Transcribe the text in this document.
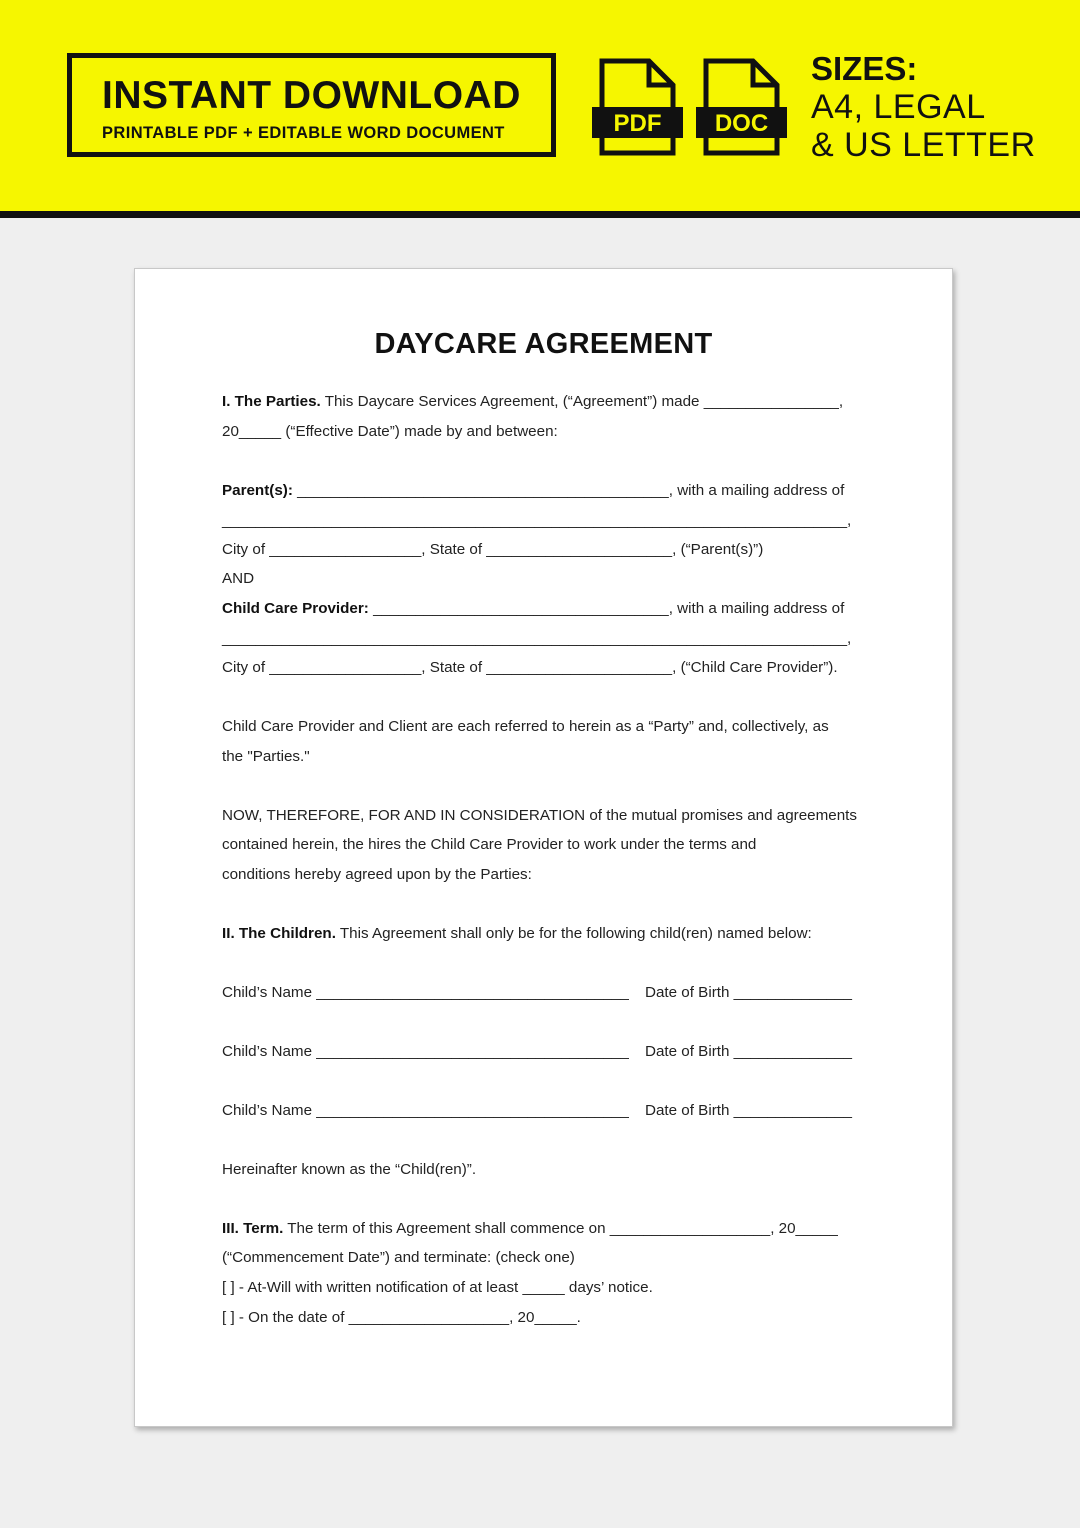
INSTANT DOWNLOAD
PRINTABLE PDF + EDITABLE WORD DOCUMENT	PDF DOC
SIZES:
A4, LEGAL
& US LETTER
DAYCARE AGREEMENT
I. The Parties. This Daycare Services Agreement, (“Agreement”) made ________________,
20_____ (“Effective Date”) made by and between:
Parent(s): ____________________________________________, with a mailing address of
__________________________________________________________________________,
City of __________________, State of ______________________, (“Parent(s)”)
AND
Child Care Provider: ___________________________________, with a mailing address of
__________________________________________________________________________,
City of __________________, State of ______________________, (“Child Care Provider”).
Child Care Provider and Client are each referred to herein as a “Party” and, collectively, as
the "Parties."
NOW, THEREFORE, FOR AND IN CONSIDERATION of the mutual promises and agreements
contained herein, the hires the Child Care Provider to work under the terms and
conditions hereby agreed upon by the Parties:
II. The Children. This Agreement shall only be for the following child(ren) named below:
Child’s Name _____________________________________ Date of Birth ______________
Child’s Name _____________________________________ Date of Birth ______________
Child’s Name _____________________________________ Date of Birth ______________
Hereinafter known as the “Child(ren)”.
III. Term. The term of this Agreement shall commence on ___________________, 20_____
(“Commencement Date”) and terminate: (check one)
[ ] - At-Will with written notification of at least _____ days’ notice.
[ ] - On the date of ___________________, 20_____.
